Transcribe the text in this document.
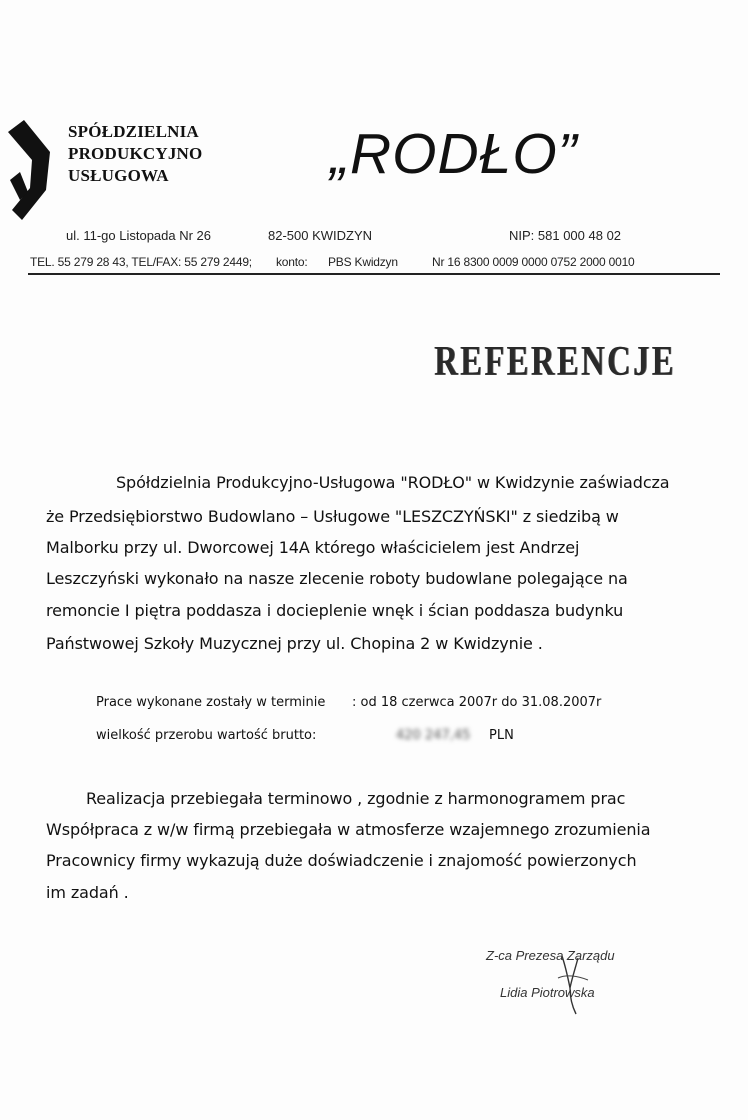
SPÓŁDZIELNIA
PRODUKCYJNO
USŁUGOWA	„RODŁO”
ul. 11-go Listopada Nr 26	82-500 KWIDZYN	NIP: 581 000 48 02
TEL. 55 279 28 43, TEL/FAX: 55 279 2449; konto: PBS Kwidzyn	Nr 16 8300 0009 0000 0752 2000 0010
REFERENCJE
Spółdzielnia Produkcyjno-Usługowa "RODŁO" w Kwidzynie zaświadcza
że Przedsiębiorstwo Budowlano – Usługowe "LESZCZYŃSKI" z siedzibą w
Malborku przy ul. Dworcowej 14A którego właścicielem jest Andrzej
Leszczyński wykonało na nasze zlecenie roboty budowlane polegające na
remoncie I piętra poddasza i docieplenie wnęk i ścian poddasza budynku
Państwowej Szkoły Muzycznej przy ul. Chopina 2 w Kwidzynie .
Prace wykonane zostały w terminie : od 18 czerwca 2007r do 31.08.2007r
wielkość przerobu wartość brutto:	420 247,45 PLN
Realizacja przebiegała terminowo , zgodnie z harmonogramem prac
Współpraca z w/w firmą przebiegała w atmosferze wzajemnego zrozumienia
Pracownicy firmy wykazują duże doświadczenie i znajomość powierzonych
im zadań .
Z-ca Prezesa Zarządu
Lidia Piotrowska
